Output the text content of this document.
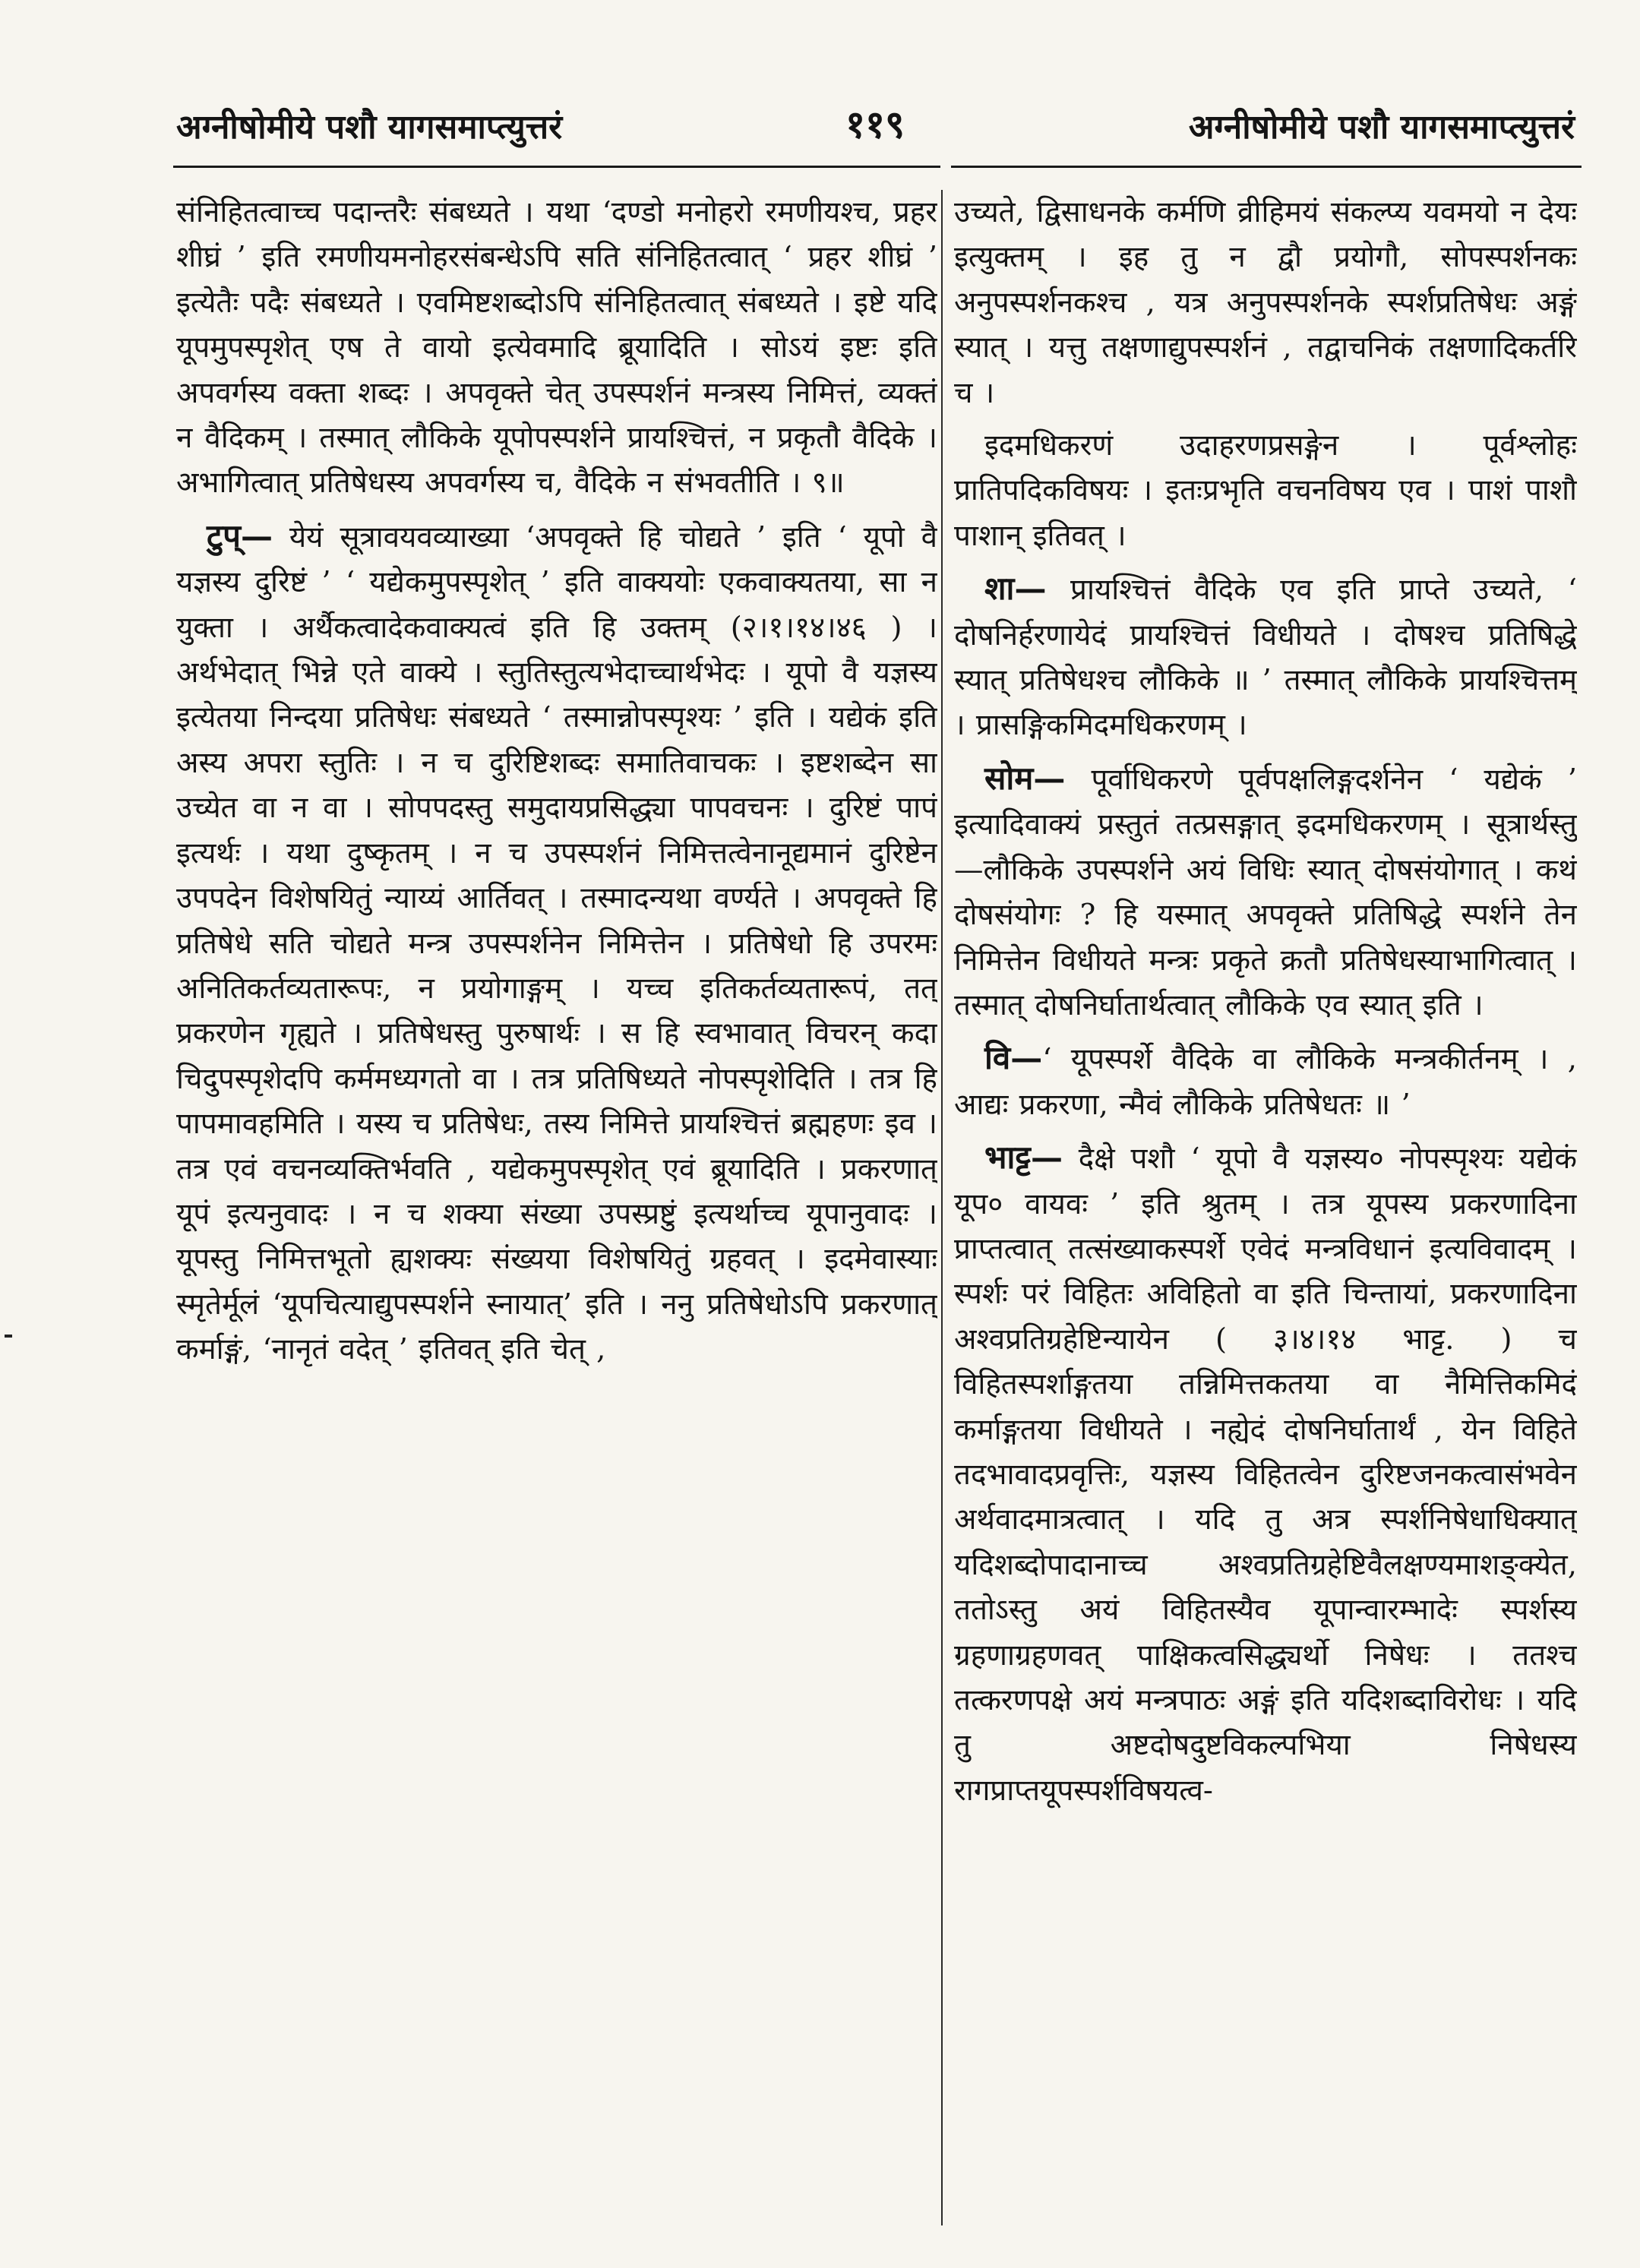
अग्नीषोमीये पशौ यागसमाप्त्युत्तरं	११९	अग्नीषोमीये पशौ यागसमाप्त्युत्तरं

संनिहितत्वाच्च पदान्तरैः संबध्यते । यथा ‘दण्डो मनोहरो रमणीयश्च, प्रहर शीघ्रं ’ इति रमणीयमनोहरसंबन्धेऽपि सति संनिहितत्वात् ‘ प्रहर शीघ्रं ’ इत्येतैः पदैः संबध्यते । एवमिष्टशब्दोऽपि संनिहितत्वात् संबध्यते । इष्टे यदि यूपमुपस्पृशेत् एष ते वायो इत्येवमादि ब्रूयादिति । सोऽयं इष्टः इति अपवर्गस्य वक्ता शब्दः । अपवृक्ते चेत् उपस्पर्शनं मन्त्रस्य निमित्तं, व्यक्तं न वैदिकम् । तस्मात् लौकिके यूपोपस्पर्शने प्रायश्चित्तं, न प्रकृतौ वैदिके । अभागित्वात् प्रतिषेधस्य अपवर्गस्य च, वैदिके न संभवतीति । ९॥

टुप्— येयं सूत्रावयवव्याख्या ‘अपवृक्ते हि चोद्यते ’ इति ‘ यूपो वै यज्ञस्य दुरिष्टं ’ ‘ यद्येकमुपस्पृशेत् ’ इति वाक्ययोः एकवाक्यतया, सा न युक्ता । अर्थैकत्वादेकवाक्यत्वं इति हि उक्तम् (२।१।१४।४६ ) । अर्थभेदात् भिन्ने एते वाक्ये । स्तुतिस्तुत्यभेदाच्चार्थभेदः । यूपो वै यज्ञस्य इत्येतया निन्दया प्रतिषेधः संबध्यते ‘ तस्मान्नोपस्पृश्यः ’ इति । यद्येकं इति अस्य अपरा स्तुतिः । न च दुरिष्टिशब्दः समातिवाचकः । इष्टशब्देन सा उच्येत वा न वा । सोपपदस्तु समुदायप्रसिद्ध्या पापवचनः । दुरिष्टं पापं इत्यर्थः । यथा दुष्कृतम् । न च उपस्पर्शनं निमित्तत्वेनानूद्यमानं दुरिष्टेन उपपदेन विशेषयितुं न्याय्यं आर्तिवत् । तस्मादन्यथा वर्ण्यते । अपवृक्ते हि प्रतिषेधे सति चोद्यते मन्त्र उपस्पर्शनेन निमित्तेन । प्रतिषेधो हि उपरमः अनितिकर्तव्यतारूपः, न प्रयोगाङ्गम् । यच्च इतिकर्तव्यतारूपं, तत् प्रकरणेन गृह्यते । प्रतिषेधस्तु पुरुषार्थः । स हि स्वभावात् विचरन् कदा चिदुपस्पृशेदपि कर्ममध्यगतो वा । तत्र प्रतिषिध्यते नोपस्पृशेदिति । तत्र हि पापमावहमिति । यस्य च प्रतिषेधः, तस्य निमित्ते प्रायश्चित्तं ब्रह्महणः इव । तत्र एवं वचनव्यक्तिर्भवति , यद्येकमुपस्पृशेत् एवं ब्रूयादिति । प्रकरणात् यूपं इत्यनुवादः । न च शक्या संख्या उपस्प्रष्टुं इत्यर्थाच्च यूपानुवादः । यूपस्तु निमित्तभूतो ह्यशक्यः संख्यया विशेषयितुं ग्रहवत् । इदमेवास्याः स्मृतेर्मूलं ‘यूपचित्याद्युपस्पर्शने स्नायात्’ इति । ननु प्रतिषेधोऽपि प्रकरणात् कर्माङ्गं, ‘नानृतं वदेत् ’ इतिवत् इति चेत् ,

उच्यते, द्विसाधनके कर्मणि व्रीहिमयं संकल्प्य यवमयो न देयः इत्युक्तम् । इह तु न द्वौ प्रयोगौ, सोपस्पर्शनकः अनुपस्पर्शनकश्च , यत्र अनुपस्पर्शनके स्पर्शप्रतिषेधः अङ्गं स्यात् । यत्तु तक्षणाद्युपस्पर्शनं , तद्वाचनिकं तक्षणादिकर्तरि च ।

इदमधिकरणं उदाहरणप्रसङ्गेन । पूर्वश्लोहः प्रातिपदिकविषयः । इतःप्रभृति वचनविषय एव । पाशं पाशौ पाशान् इतिवत् ।

शा— प्रायश्चित्तं वैदिके एव इति प्राप्ते उच्यते, ‘ दोषनिर्हरणायेदं प्रायश्चित्तं विधीयते । दोषश्च प्रतिषिद्धे स्यात् प्रतिषेधश्च लौकिके ॥ ’ तस्मात् लौकिके प्रायश्चित्तम् । प्रासङ्गिकमिदमधिकरणम् ।

सोम— पूर्वाधिकरणे पूर्वपक्षलिङ्गदर्शनेन ‘ यद्येकं ’ इत्यादिवाक्यं प्रस्तुतं तत्प्रसङ्गात् इदमधिकरणम् । सूत्रार्थस्तु—लौकिके उपस्पर्शने अयं विधिः स्यात् दोषसंयोगात् । कथं दोषसंयोगः ? हि यस्मात् अपवृक्ते प्रतिषिद्धे स्पर्शने तेन निमित्तेन विधीयते मन्त्रः प्रकृते क्रतौ प्रतिषेधस्याभागित्वात् । तस्मात् दोषनिर्घातार्थत्वात् लौकिके एव स्यात् इति ।

वि—‘ यूपस्पर्शे वैदिके वा लौकिके मन्त्रकीर्तनम् । , आद्यः प्रकरणा, न्मैवं लौकिके प्रतिषेधतः ॥ ’

भाट्ट— दैक्षे पशौ ‘ यूपो वै यज्ञस्य० नोपस्पृश्यः यद्येकं यूप० वायवः ’ इति श्रुतम् । तत्र यूपस्य प्रकरणादिना प्राप्तत्वात् तत्संख्याकस्पर्शे एवेदं मन्त्रविधानं इत्यविवादम् । स्पर्शः परं विहितः अविहितो वा इति चिन्तायां, प्रकरणादिना अश्वप्रतिग्रहेष्टिन्यायेन ( ३।४।१४ भाट्ट. ) च विहितस्पर्शाङ्गतया तन्निमित्तकतया वा नैमित्तिकमिदं कर्माङ्गतया विधीयते । नह्येदं दोषनिर्घातार्थं , येन विहिते तदभावादप्रवृत्तिः, यज्ञस्य विहितत्वेन दुरिष्टजनकत्वासंभवेन अर्थवादमात्रत्वात् । यदि तु अत्र स्पर्शनिषेधाधिक्यात् यदिशब्दोपादानाच्च अश्वप्रतिग्रहेष्टिवैलक्षण्यमाशङ्क्येत, ततोऽस्तु अयं विहितस्यैव यूपान्वारम्भादेः स्पर्शस्य ग्रहणाग्रहणवत् पाक्षिकत्वसिद्ध्यर्थो निषेधः । ततश्च तत्करणपक्षे अयं मन्त्रपाठः अङ्गं इति यदिशब्दाविरोधः । यदि तु अष्टदोषदुष्टविकल्पभिया निषेधस्य रागप्राप्तयूपस्पर्शविषयत्व-
